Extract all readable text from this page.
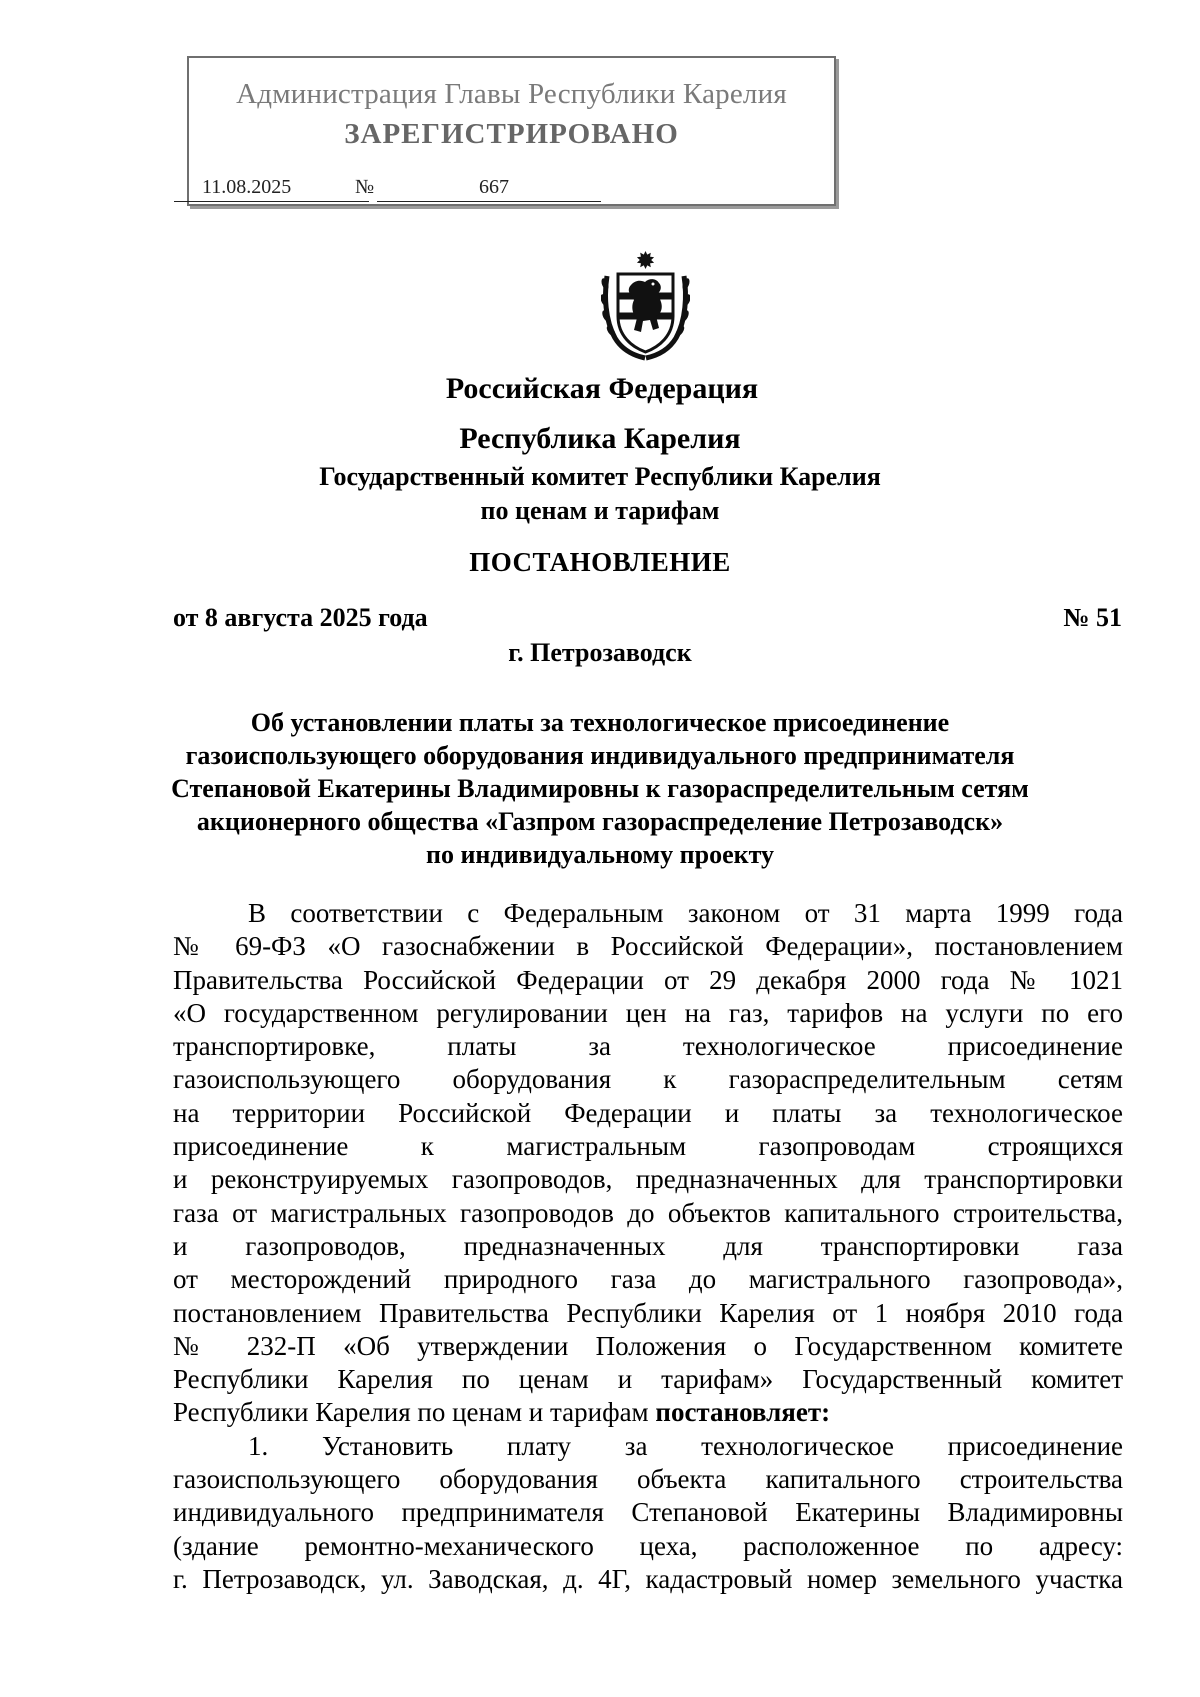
Администрация Главы Республики Карелия
ЗАРЕГИСТРИРОВАНО
11.08.2025	№	667
Российская Федерация
Республика Карелия
Государственный комитет Республики Карелия
по ценам и тарифам
ПОСТАНОВЛЕНИЕ
от 8 августа 2025 года	№ 51
г. Петрозаводск
Об установлении платы за технологическое присоединение
газоиспользующего оборудования индивидуального предпринимателя
Степановой Екатерины Владимировны к газораспределительным сетям
акционерного общества «Газпром газораспределение Петрозаводск»
по индивидуальному проекту
В соответствии с Федеральным законом от 31 марта 1999 года
№ 69-ФЗ «О газоснабжении в Российской Федерации», постановлением
Правительства Российской Федерации от 29 декабря 2000 года № 1021
«О государственном регулировании цен на газ, тарифов на услуги по его
транспортировке, платы за технологическое присоединение
газоиспользующего оборудования к газораспределительным сетям
на территории Российской Федерации и платы за технологическое
присоединение к магистральным газопроводам строящихся
и реконструируемых газопроводов, предназначенных для транспортировки
газа от магистральных газопроводов до объектов капитального строительства,
и газопроводов, предназначенных для транспортировки газа
от месторождений природного газа до магистрального газопровода»,
постановлением Правительства Республики Карелия от 1 ноября 2010 года
№ 232-П «Об утверждении Положения о Государственном комитете
Республики Карелия по ценам и тарифам» Государственный комитет
Республики Карелия по ценам и тарифам постановляет:
1. Установить плату за технологическое присоединение
газоиспользующего оборудования объекта капитального строительства
индивидуального предпринимателя Степановой Екатерины Владимировны
(здание ремонтно-механического цеха, расположенное по адресу:
г. Петрозаводск, ул. Заводская, д. 4Г, кадастровый номер земельного участка
